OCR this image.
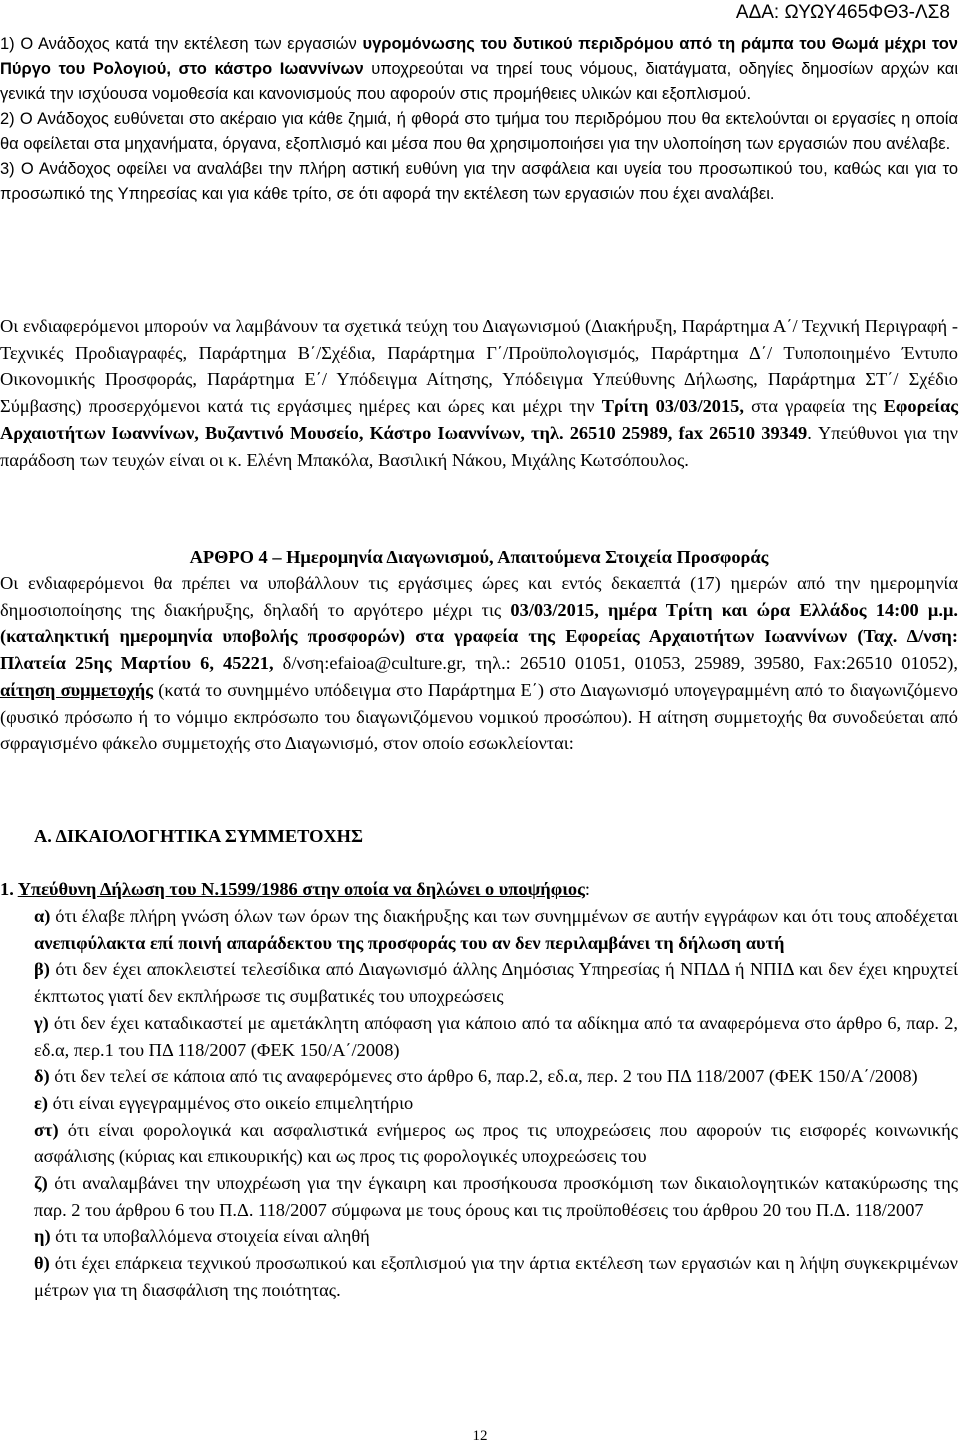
ΑΔΑ: ΩΥΩΥ465ΦΘ3-ΛΣ8

1) Ο Ανάδοχος κατά την εκτέλεση των εργασιών υγρομόνωσης του δυτικού περιδρόμου από τη ράμπα του Θωμά μέχρι τον Πύργο του Ρολογιού, στο κάστρο Ιωαννίνων υποχρεούται να τηρεί τους νόμους, διατάγματα, οδηγίες δημοσίων αρχών και γενικά την ισχύουσα νομοθεσία και κανονισμούς που αφορούν στις προμήθειες υλικών και εξοπλισμού.

2) Ο Ανάδοχος ευθύνεται στο ακέραιο για κάθε ζημιά, ή φθορά στο τμήμα του περιδρόμου που θα εκτελούνται οι εργασίες η οποία θα οφείλεται στα μηχανήματα, όργανα, εξοπλισμό και μέσα που θα χρησιμοποιήσει για την υλοποίηση των εργασιών που ανέλαβε.

3) Ο Ανάδοχος οφείλει να αναλάβει την πλήρη αστική ευθύνη για την ασφάλεια και υγεία του προσωπικού του, καθώς και για το προσωπικό της Υπηρεσίας και για κάθε τρίτο, σε ότι αφορά την εκτέλεση των εργασιών που έχει αναλάβει.

Οι ενδιαφερόμενοι μπορούν να λαμβάνουν τα σχετικά τεύχη του Διαγωνισμού (Διακήρυξη, Παράρτημα Α΄/ Τεχνική Περιγραφή - Τεχνικές Προδιαγραφές, Παράρτημα Β΄/Σχέδια, Παράρτημα Γ΄/Προϋπολογισμός, Παράρτημα Δ΄/ Τυποποιημένο Έντυπο Οικονομικής Προσφοράς, Παράρτημα Ε΄/ Υπόδειγμα Αίτησης, Υπόδειγμα Υπεύθυνης Δήλωσης, Παράρτημα ΣΤ΄/ Σχέδιο Σύμβασης) προσερχόμενοι κατά τις εργάσιμες ημέρες και ώρες και μέχρι την Τρίτη 03/03/2015, στα γραφεία της Εφορείας Αρχαιοτήτων Ιωαννίνων, Βυζαντινό Μουσείο, Κάστρο Ιωαννίνων, τηλ. 26510 25989, fax 26510 39349. Υπεύθυνοι για την παράδοση των τευχών είναι οι κ. Ελένη Μπακόλα, Βασιλική Νάκου, Μιχάλης Κωτσόπουλος.

ΑΡΘΡΟ 4 – Ημερομηνία Διαγωνισμού, Απαιτούμενα Στοιχεία Προσφοράς

Οι ενδιαφερόμενοι θα πρέπει να υποβάλλουν τις εργάσιμες ώρες και εντός δεκαεπτά (17) ημερών από την ημερομηνία δημοσιοποίησης της διακήρυξης, δηλαδή το αργότερο μέχρι τις 03/03/2015, ημέρα Τρίτη και ώρα Ελλάδος 14:00 μ.μ. (καταληκτική ημερομηνία υποβολής προσφορών) στα γραφεία της Εφορείας Αρχαιοτήτων Ιωαννίνων (Ταχ. Δ/νση: Πλατεία 25ης Μαρτίου 6, 45221, δ/νση:efaioa@culture.gr, τηλ.: 26510 01051, 01053, 25989, 39580, Fax:26510 01052), αίτηση συμμετοχής (κατά το συνημμένο υπόδειγμα στο Παράρτημα Ε΄) στο Διαγωνισμό υπογεγραμμένη από το διαγωνιζόμενο (φυσικό πρόσωπο ή το νόμιμο εκπρόσωπο του διαγωνιζόμενου νομικού προσώπου). Η αίτηση συμμετοχής θα συνοδεύεται από σφραγισμένο φάκελο συμμετοχής στο Διαγωνισμό, στον οποίο εσωκλείονται:

Α. ΔΙΚΑΙΟΛΟΓΗΤΙΚΑ ΣΥΜΜΕΤΟΧΗΣ
1. Υπεύθυνη Δήλωση του Ν.1599/1986 στην οποία να δηλώνει ο υποψήφιος:

α) ότι έλαβε πλήρη γνώση όλων των όρων της διακήρυξης και των συνημμένων σε αυτήν εγγράφων και ότι τους αποδέχεται ανεπιφύλακτα επί ποινή απαράδεκτου της προσφοράς του αν δεν περιλαμβάνει τη δήλωση αυτή

β) ότι δεν έχει αποκλειστεί τελεσίδικα από Διαγωνισμό άλλης Δημόσιας Υπηρεσίας ή ΝΠΔΔ ή ΝΠΙΔ και δεν έχει κηρυχτεί έκπτωτος γιατί δεν εκπλήρωσε τις συμβατικές του υποχρεώσεις

γ) ότι δεν έχει καταδικαστεί με αμετάκλητη απόφαση για κάποιο από τα αδίκημα από τα αναφερόμενα στο άρθρο 6, παρ. 2, εδ.α, περ.1 του ΠΔ 118/2007 (ΦΕΚ 150/Α΄/2008)

δ) ότι δεν τελεί σε κάποια από τις αναφερόμενες στο άρθρο 6, παρ.2, εδ.α, περ. 2 του ΠΔ 118/2007 (ΦΕΚ 150/Α΄/2008)

ε) ότι είναι εγγεγραμμένος στο οικείο επιμελητήριο

στ) ότι είναι φορολογικά και ασφαλιστικά ενήμερος ως προς τις υποχρεώσεις που αφορούν τις εισφορές κοινωνικής ασφάλισης (κύριας και επικουρικής) και ως προς τις φορολογικές υποχρεώσεις του

ζ) ότι αναλαμβάνει την υποχρέωση για την έγκαιρη και προσήκουσα προσκόμιση των δικαιολογητικών κατακύρωσης της παρ. 2 του άρθρου 6 του Π.Δ. 118/2007 σύμφωνα με τους όρους και τις προϋποθέσεις του άρθρου 20 του Π.Δ. 118/2007

η) ότι τα υποβαλλόμενα στοιχεία είναι αληθή

θ) ότι έχει επάρκεια τεχνικού προσωπικού και εξοπλισμού για την άρτια εκτέλεση των εργασιών και η λήψη συγκεκριμένων μέτρων για τη διασφάλιση της ποιότητας.

12
